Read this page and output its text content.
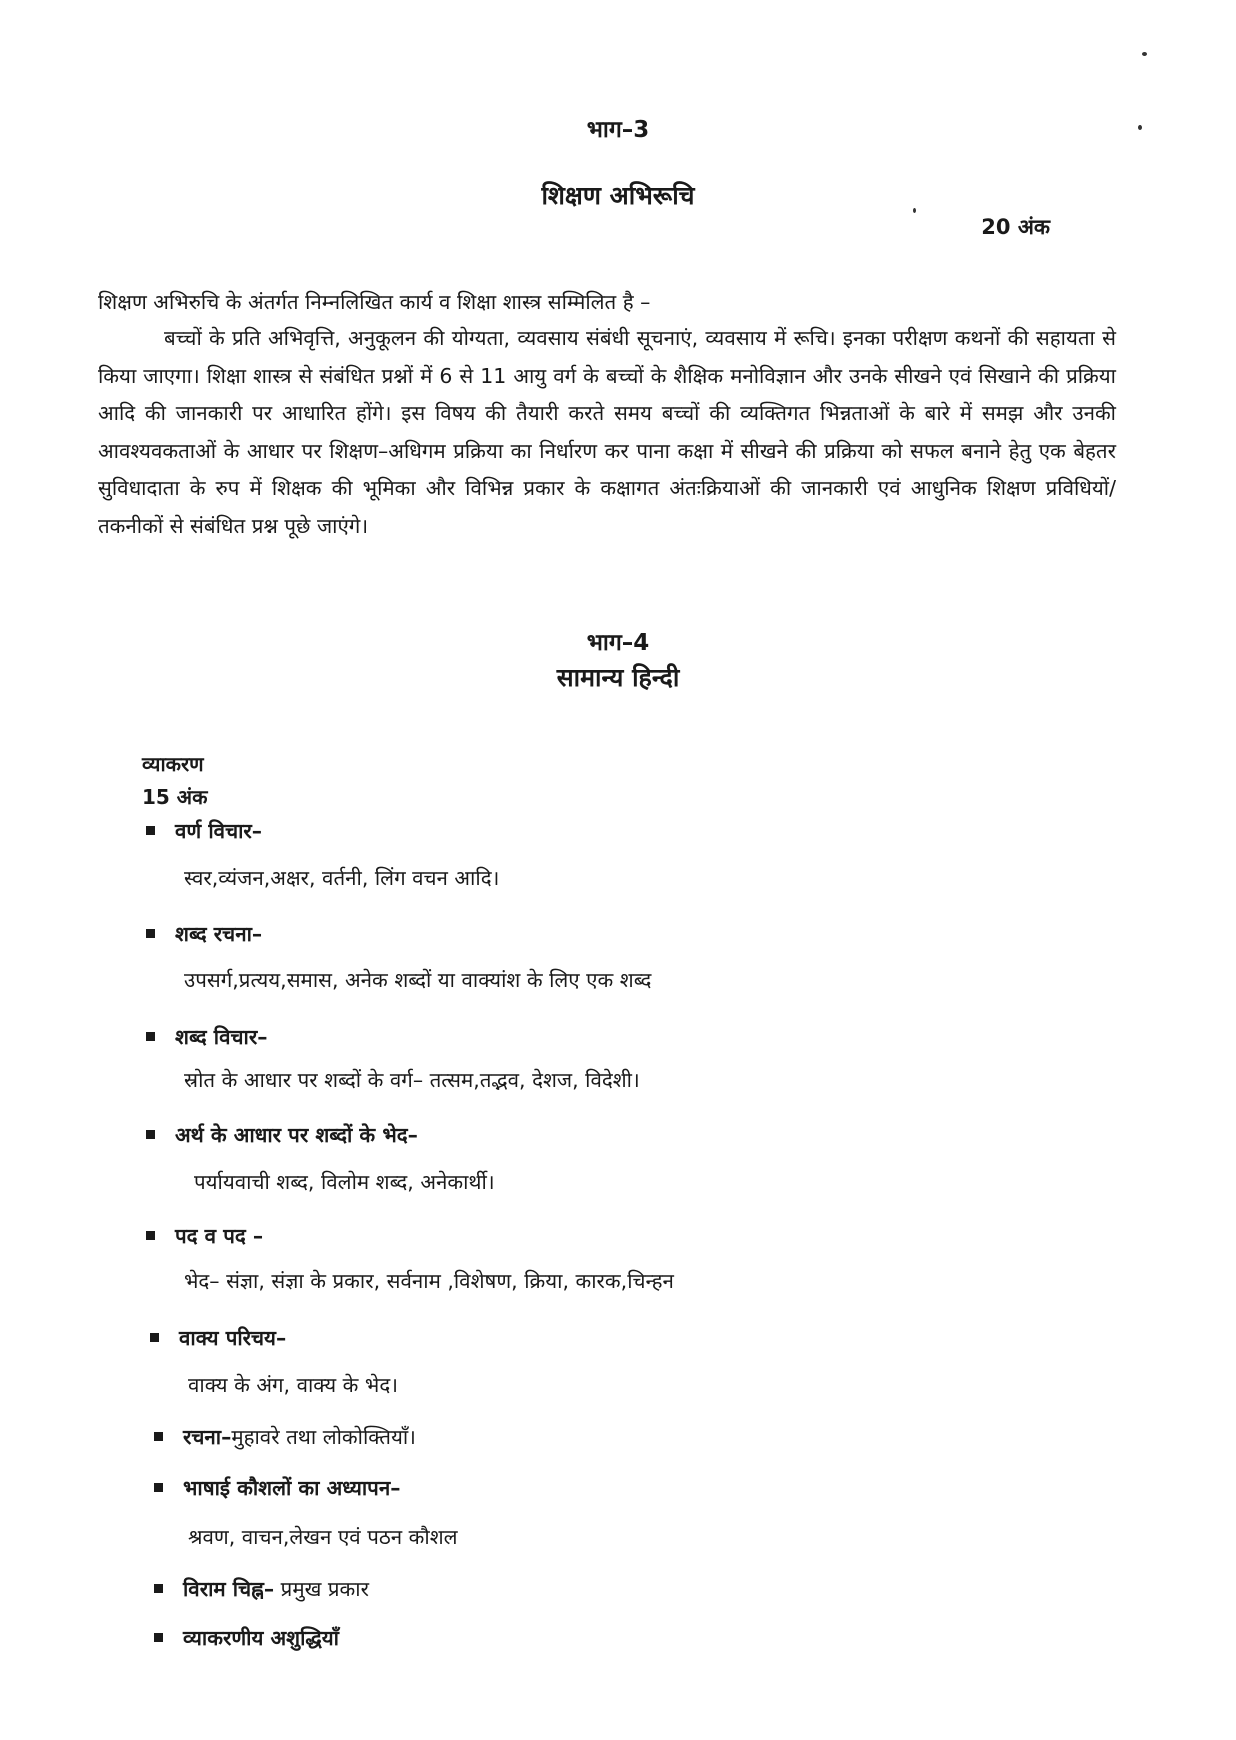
भाग–3
शिक्षण अभिरूचि
20 अंक
शिक्षण अभिरुचि के अंतर्गत निम्नलिखित कार्य व शिक्षा शास्त्र सम्मिलित है –
बच्चों के प्रति अभिवृत्ति, अनुकूलन की योग्यता, व्यवसाय संबंधी सूचनाएं, व्यवसाय में रूचि। इनका परीक्षण कथनों की सहायता से किया जाएगा। शिक्षा शास्त्र से संबंधित प्रश्नों में 6 से 11 आयु वर्ग के बच्चों के शैक्षिक मनोविज्ञान और उनके सीखने एवं सिखाने की प्रक्रिया आदि की जानकारी पर आधारित होंगे। इस विषय की तैयारी करते समय बच्चों की व्यक्तिगत भिन्नताओं के बारे में समझ और उनकी आवश्यवकताओं के आधार पर शिक्षण–अधिगम प्रक्रिया का निर्धारण कर पाना कक्षा में सीखने की प्रक्रिया को सफल बनाने हेतु एक बेहतर सुविधादाता के रुप में शिक्षक की भूमिका और विभिन्न प्रकार के कक्षागत अंतःक्रियाओं की जानकारी एवं आधुनिक शिक्षण प्रविधियों/तकनीकों से संबंधित प्रश्न पूछे जाएंगे।
भाग–4
सामान्य हिन्दी
व्याकरण
15 अंक
वर्ण विचार–
स्वर,व्यंजन,अक्षर, वर्तनी, लिंग वचन आदि।
शब्द रचना–
उपसर्ग,प्रत्यय,समास, अनेक शब्दों या वाक्यांश के लिए एक शब्द
शब्द विचार–
स्रोत के आधार पर शब्दों के वर्ग– तत्सम,तद्भव, देशज, विदेशी।
अर्थ के आधार पर शब्दों के भेद–
पर्यायवाची शब्द, विलोम शब्द, अनेकार्थी।
पद व पद –
भेद– संज्ञा, संज्ञा के प्रकार, सर्वनाम ,विशेषण, क्रिया, कारक,चिन्हन
वाक्य परिचय–
वाक्य के अंग, वाक्य के भेद।
रचना–मुहावरे तथा लोकोक्तियाँ।
भाषाई कौशलों का अध्यापन–
श्रवण, वाचन,लेखन एवं पठन कौशल
विराम चिह्न– प्रमुख प्रकार
व्याकरणीय अशुद्धियाँ
